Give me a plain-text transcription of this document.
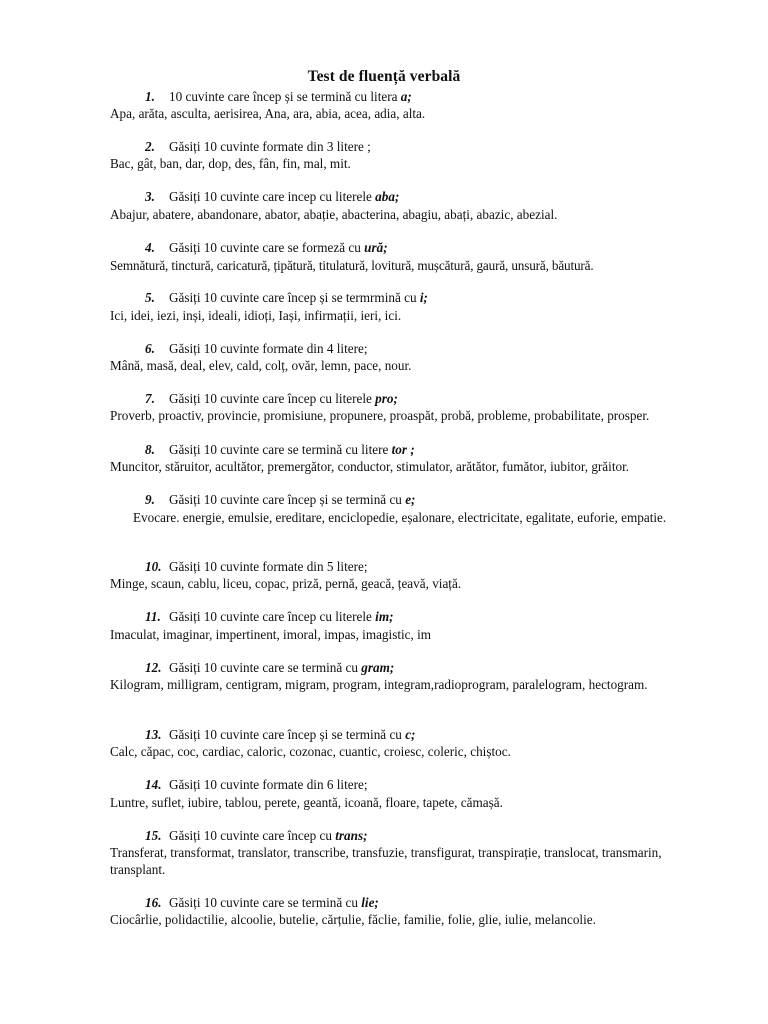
Test de fluență verbală
1. 10 cuvinte care încep și se termină cu litera a;
Apa, arăta, asculta, aerisirea, Ana, ara, abia, acea, adia, alta.
2. Găsiți 10 cuvinte formate din 3 litere ;
Bac, gât, ban, dar, dop, des, fân, fin, mal, mit.
3. Găsiți 10 cuvinte care incep cu literele aba;
Abajur, abatere, abandonare, abator, abație, abacterina, abagiu, abați, abazic, abezial.
4. Găsiți 10 cuvinte care se formeză cu ură;
Semnătură, tinctură, caricatură, țipătură, titulatură, lovitură, mușcătură, gaură, unsură, băutură.
5. Găsiți 10 cuvinte care încep și se termrmină cu i;
Ici, idei, iezi, inși, ideali, idioți, Iași, infirmații, ieri, ici.
6. Găsiți 10 cuvinte formate din 4 litere;
Mână, masă, deal, elev, cald, colț, ovăr, lemn, pace, nour.
7. Găsiți 10 cuvinte care încep cu literele pro;
Proverb, proactiv, provincie, promisiune, propunere, proaspăt, probă, probleme, probabilitate, prosper.
8. Găsiți 10 cuvinte care se termină cu litere tor ;
Muncitor, stăruitor, acultător, premergător, conductor, stimulator, arătător, fumător, iubitor, grăitor.
9. Găsiți 10 cuvinte care încep și se termină cu e;
Evocare. energie, emulsie, ereditare, enciclopedie, eșalonare, electricitate, egalitate, euforie, empatie.
10. Găsiți 10 cuvinte formate din 5 litere;
Minge, scaun, cablu, liceu, copac, priză, pernă, geacă, țeavă, viață.
11. Găsiți 10 cuvinte care încep cu literele im;
Imaculat, imaginar, impertinent, imoral, impas, imagistic, im
12. Găsiți 10 cuvinte care se termină cu gram;
Kilogram, milligram, centigram, migram, program, integram,radioprogram, paralelogram, hectogram.
13. Găsiți 10 cuvinte care încep și se termină cu c;
Calc, căpac, coc, cardiac, caloric, cozonac, cuantic, croiesc, coleric, chiștoc.
14. Găsiți 10 cuvinte formate din 6 litere;
Luntre, suflet, iubire, tablou, perete, geantă, icoană, floare, tapete, cămașă.
15. Găsiți 10 cuvinte care încep cu trans;
Transferat, transformat, translator, transcribe, transfuzie, transfigurat, transpirație, translocat, transmarin, transplant.
16. Găsiți 10 cuvinte care se termină cu lie;
Ciocârlie, polidactilie, alcoolie, butelie, cărțulie, făclie, familie, folie, glie, iulie, melancolie.
